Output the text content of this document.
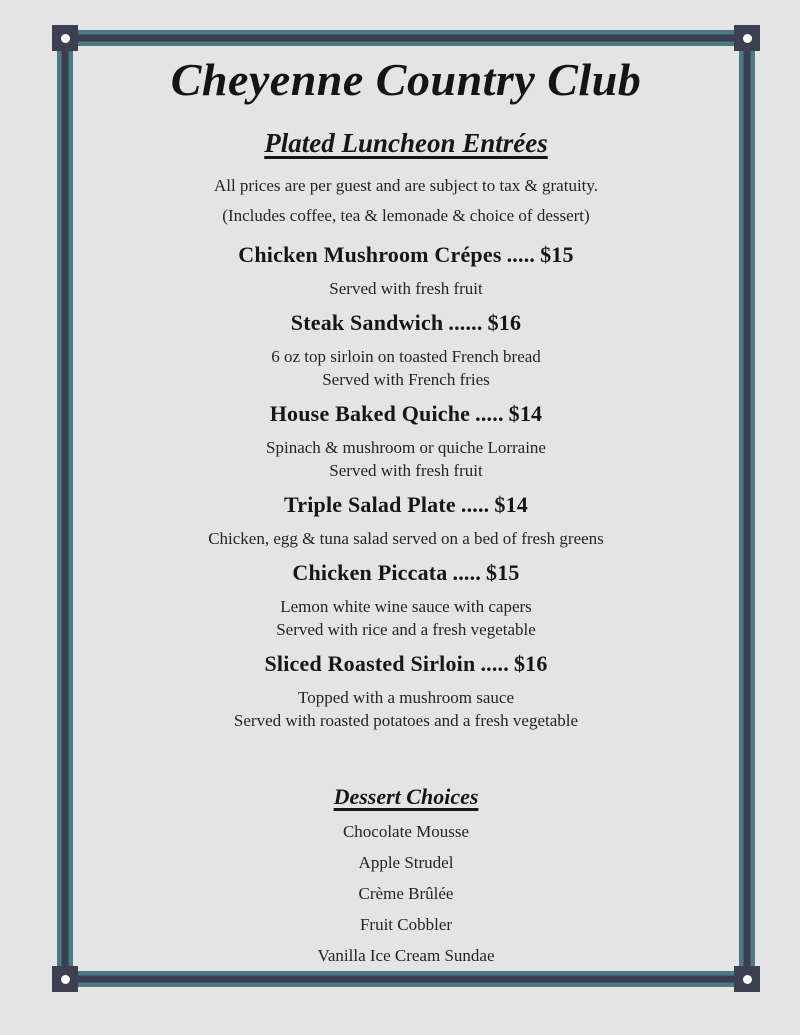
Cheyenne Country Club
Plated Luncheon Entrées

All prices are per guest and are subject to tax & gratuity.

(Includes coffee, tea & lemonade & choice of dessert)

Chicken Mushroom Crépes ..... $15

Served with fresh fruit

Steak Sandwich ...... $16

6 oz top sirloin on toasted French bread

Served with French fries

House Baked Quiche ..... $14

Spinach & mushroom or quiche Lorraine

Served with fresh fruit

Triple Salad Plate ..... $14

Chicken, egg & tuna salad served on a bed of fresh greens

Chicken Piccata ..... $15

Lemon white wine sauce with capers

Served with rice and a fresh vegetable

Sliced Roasted Sirloin ..... $16

Topped with a mushroom sauce

Served with roasted potatoes and a fresh vegetable

Dessert Choices

Chocolate Mousse

Apple Strudel

Crème Brûlée

Fruit Cobbler

Vanilla Ice Cream Sundae
